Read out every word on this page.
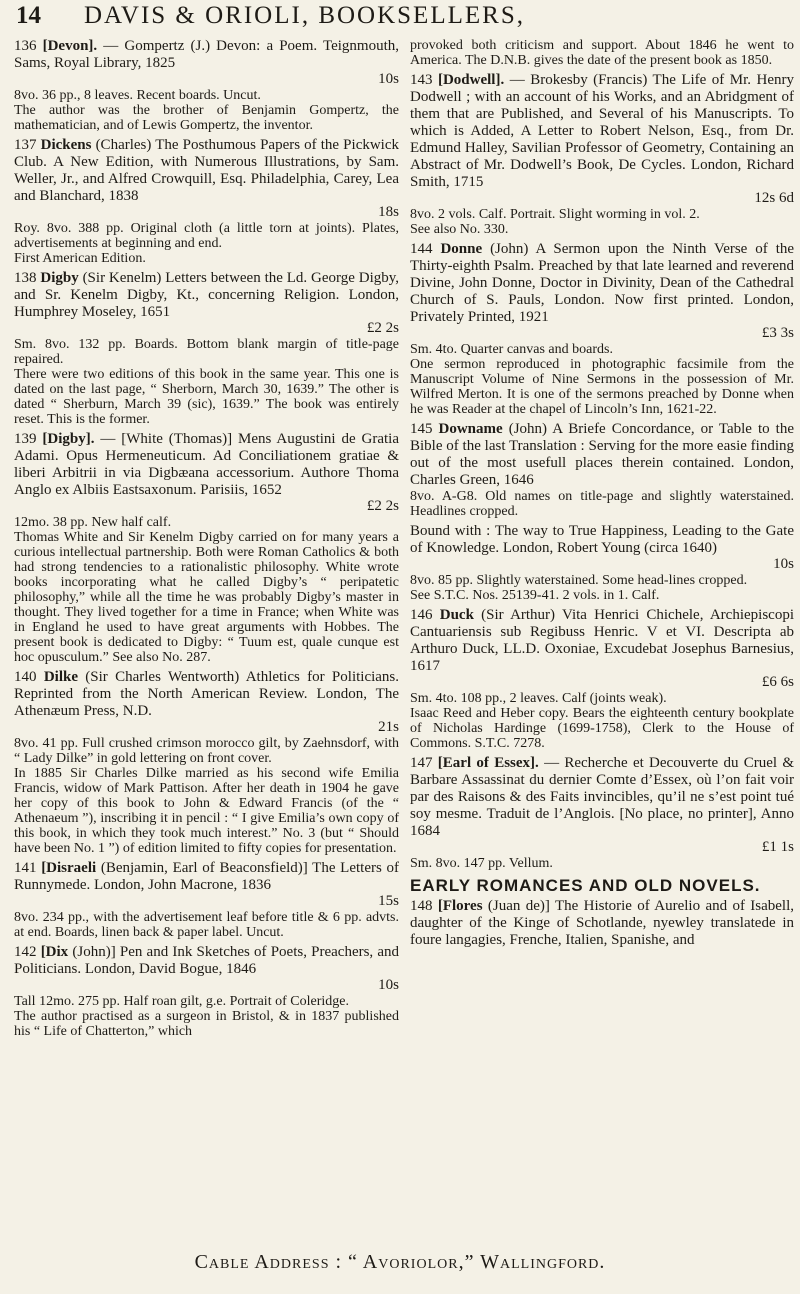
14 DAVIS & ORIOLI, BOOKSELLERS,
136 [Devon]. — Gompertz (J.) Devon: a Poem. Teignmouth, Sams, Royal Library, 1825
10s
8vo. 36 pp., 8 leaves. Recent boards. Uncut.
The author was the brother of Benjamin Gompertz, the mathematician, and of Lewis Gompertz, the inventor.
137 Dickens (Charles) The Posthumous Papers of the Pickwick Club. A New Edition, with Numerous Illustrations, by Sam. Weller, Jr., and Alfred Crowquill, Esq. Philadelphia, Carey, Lea and Blanchard, 1838
18s
Roy. 8vo. 388 pp. Original cloth (a little torn at joints). Plates, advertisements at beginning and end.
First American Edition.
138 Digby (Sir Kenelm) Letters between the Ld. George Digby, and Sr. Kenelm Digby, Kt., concerning Religion. London, Humphrey Moseley, 1651
£2 2s
Sm. 8vo. 132 pp. Boards. Bottom blank margin of title-page repaired.
There were two editions of this book in the same year. This one is dated on the last page, “ Sherborn, March 30, 1639.” The other is dated “ Sherburn, March 39 (sic), 1639.” The book was entirely reset. This is the former.
139 [Digby]. — [White (Thomas)] Mens Augustini de Gratia Adami. Opus Hermeneuticum. Ad Conciliationem gratiae & liberi Arbitrii in via Digbæana accessorium. Authore Thoma Anglo ex Albiis Eastsaxonum. Parisiis, 1652
£2 2s
12mo. 38 pp. New half calf.
Thomas White and Sir Kenelm Digby carried on for many years a curious intellectual partnership. Both were Roman Catholics & both had strong tendencies to a rationalistic philosophy. White wrote books incorporating what he called Digby’s “ peripatetic philosophy,” while all the time he was probably Digby’s master in thought. They lived together for a time in France; when White was in England he used to have great arguments with Hobbes. The present book is dedicated to Digby: “ Tuum est, quale cunque est hoc opusculum.” See also No. 287.
140 Dilke (Sir Charles Wentworth) Athletics for Politicians. Reprinted from the North American Review. London, The Athenæum Press, N.D.
21s
8vo. 41 pp. Full crushed crimson morocco gilt, by Zaehnsdorf, with “ Lady Dilke” in gold lettering on front cover.
In 1885 Sir Charles Dilke married as his second wife Emilia Francis, widow of Mark Pattison. After her death in 1904 he gave her copy of this book to John & Edward Francis (of the “ Athenaeum ”), inscribing it in pencil : “ I give Emilia’s own copy of this book, in which they took much interest.” No. 3 (but “ Should have been No. 1 ”) of edition limited to fifty copies for presentation.
141 [Disraeli (Benjamin, Earl of Beaconsfield)] The Letters of Runnymede. London, John Macrone, 1836
15s
8vo. 234 pp., with the advertisement leaf before title & 6 pp. advts. at end. Boards, linen back & paper label. Uncut.
142 [Dix (John)] Pen and Ink Sketches of Poets, Preachers, and Politicians. London, David Bogue, 1846
10s
Tall 12mo. 275 pp. Half roan gilt, g.e. Portrait of Coleridge.
The author practised as a surgeon in Bristol, & in 1837 published his “ Life of Chatterton,” which
provoked both criticism and support. About 1846 he went to America. The D.N.B. gives the date of the present book as 1850.
143 [Dodwell]. — Brokesby (Francis) The Life of Mr. Henry Dodwell ; with an account of his Works, and an Abridgment of them that are Published, and Several of his Manuscripts. To which is Added, A Letter to Robert Nelson, Esq., from Dr. Edmund Halley, Savilian Professor of Geometry, Containing an Abstract of Mr. Dodwell’s Book, De Cycles. London, Richard Smith, 1715
12s 6d
8vo. 2 vols. Calf. Portrait. Slight worming in vol. 2.
See also No. 330.
144 Donne (John) A Sermon upon the Ninth Verse of the Thirty-eighth Psalm. Preached by that late learned and reverend Divine, John Donne, Doctor in Divinity, Dean of the Cathedral Church of S. Pauls, London. Now first printed. London, Privately Printed, 1921
£3 3s
Sm. 4to. Quarter canvas and boards.
One sermon reproduced in photographic facsimile from the Manuscript Volume of Nine Sermons in the possession of Mr. Wilfred Merton. It is one of the sermons preached by Donne when he was Reader at the chapel of Lincoln’s Inn, 1621-22.
145 Downame (John) A Briefe Concordance, or Table to the Bible of the last Translation : Serving for the more easie finding out of the most usefull places therein contained. London, Charles Green, 1646
8vo. A-G8. Old names on title-page and slightly waterstained. Headlines cropped.
Bound with : The way to True Happiness, Leading to the Gate of Knowledge. London, Robert Young (circa 1640)
10s
8vo. 85 pp. Slightly waterstained. Some head-lines cropped.
See S.T.C. Nos. 25139-41. 2 vols. in 1. Calf.
146 Duck (Sir Arthur) Vita Henrici Chichele, Archiepiscopi Cantuariensis sub Regibuss Henric. V et VI. Descripta ab Arthuro Duck, LL.D. Oxoniae, Excudebat Josephus Barnesius, 1617
£6 6s
Sm. 4to. 108 pp., 2 leaves. Calf (joints weak).
Isaac Reed and Heber copy. Bears the eighteenth century bookplate of Nicholas Hardinge (1699-1758), Clerk to the House of Commons. S.T.C. 7278.
147 [Earl of Essex]. — Recherche et Decouverte du Cruel & Barbare Assassinat du dernier Comte d’Essex, où l’on fait voir par des Raisons & des Faits invincibles, qu’il ne s’est point tué soy mesme. Traduit de l’Anglois. [No place, no printer], Anno 1684
£1 1s
Sm. 8vo. 147 pp. Vellum.
EARLY ROMANCES AND OLD NOVELS.
148 [Flores (Juan de)] The Historie of Aurelio and of Isabell, daughter of the Kinge of Schotlande, nyewley translatede in foure langagies, Frenche, Italien, Spanishe, and
Cable Address : “ Avoriolor,” Wallingford.
